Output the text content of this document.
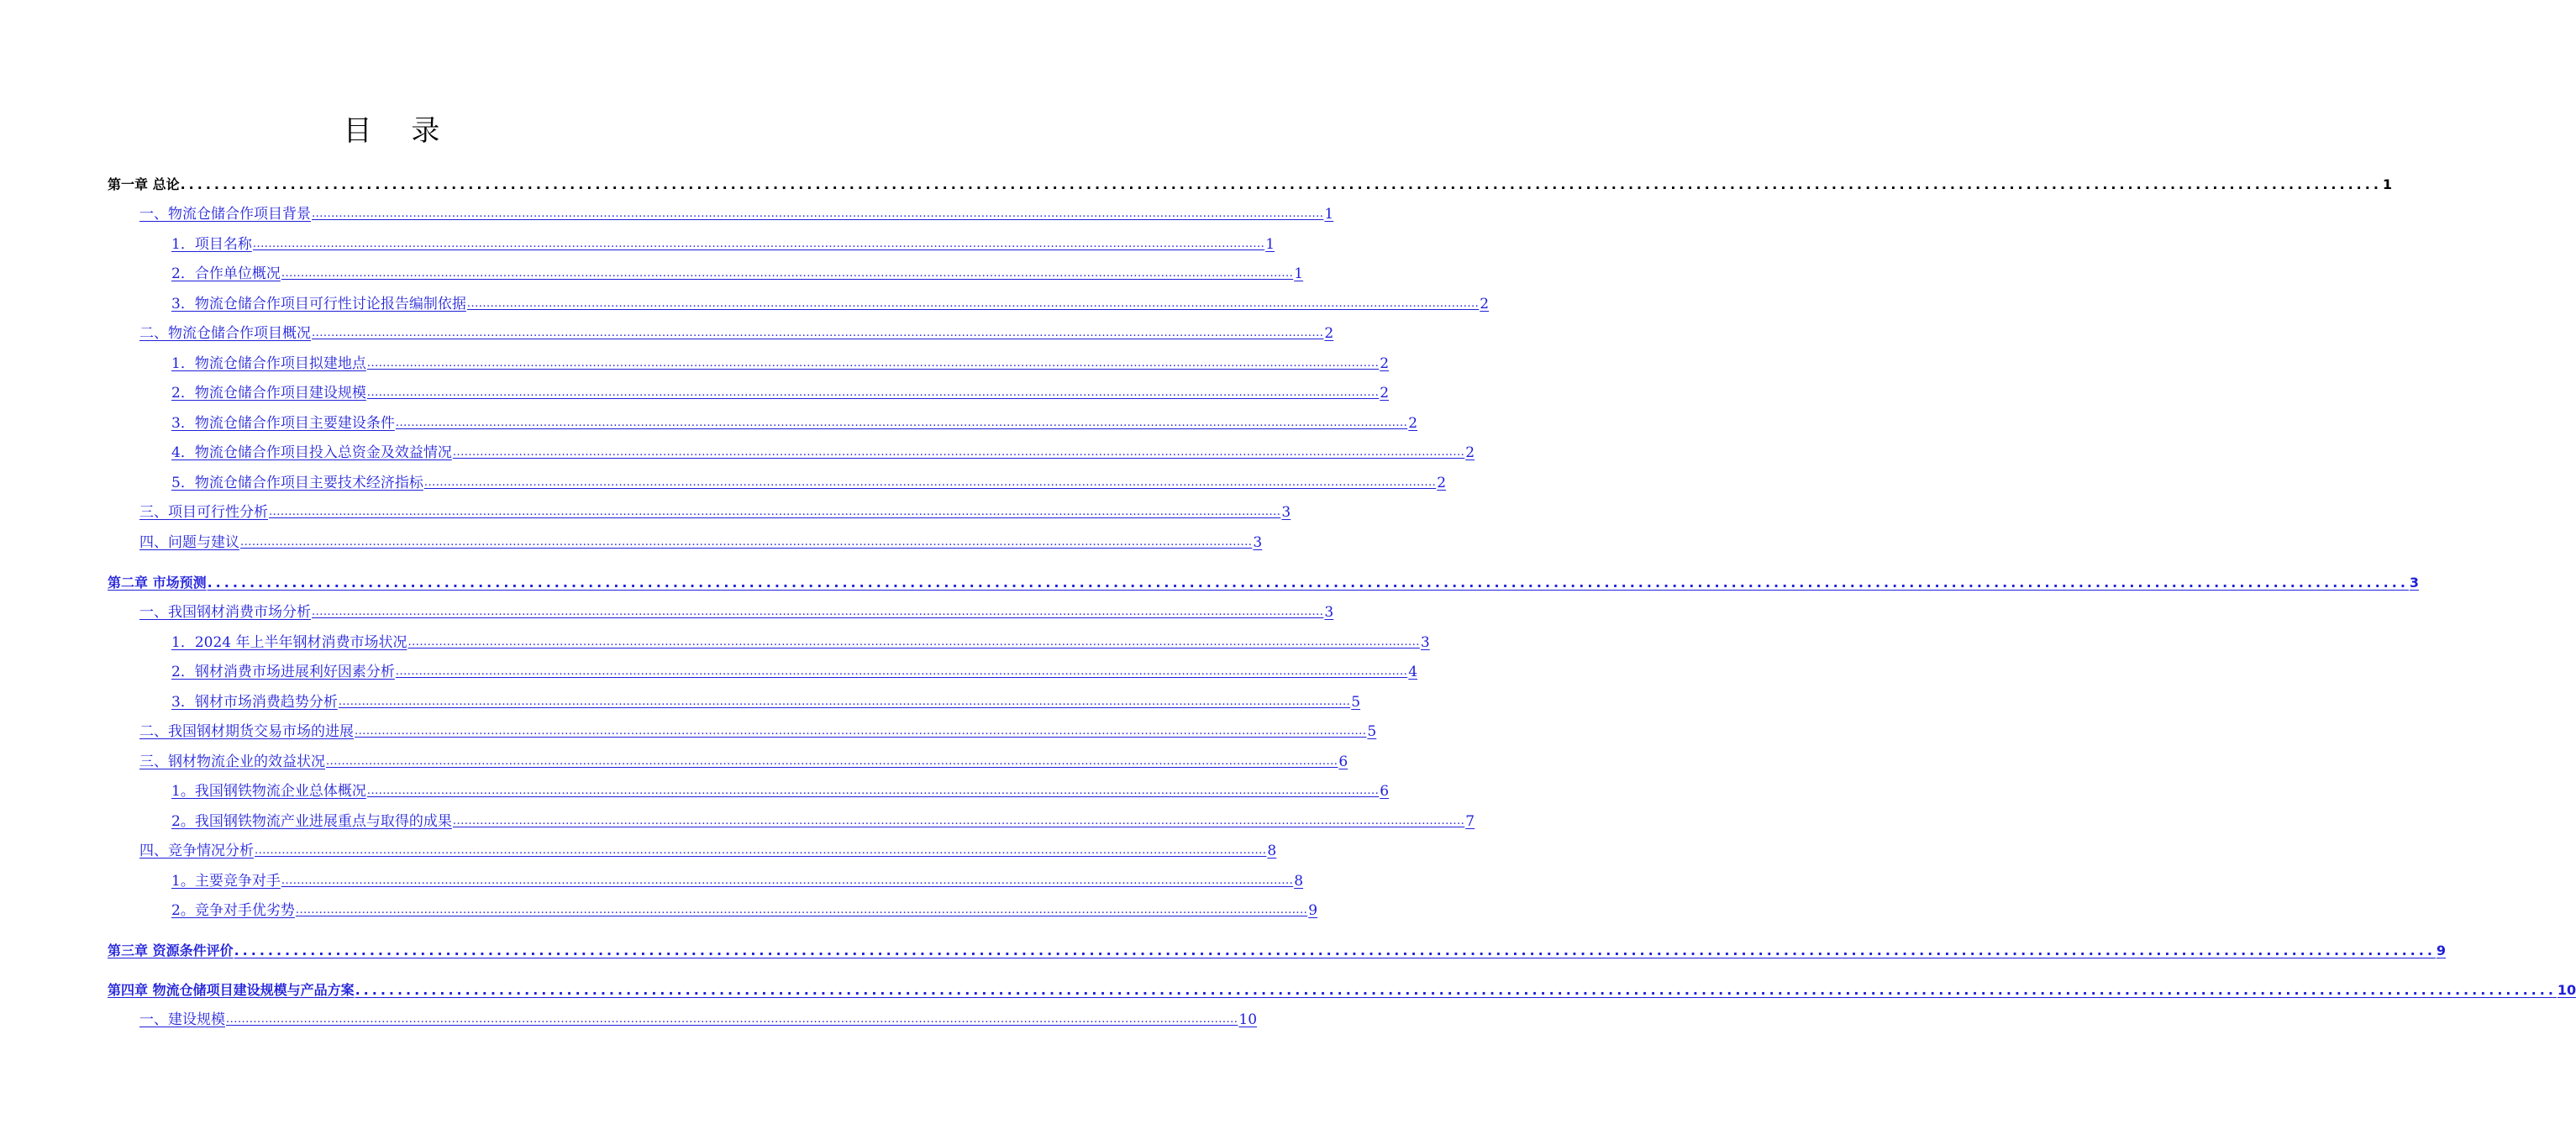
目 录
第一章 总论 .................................................................................................................................................................................................................................................................... 1
一、物流仓储合作项目背景 .................................................................................................................................................................................................................................................................... 1
1．项目名称 .................................................................................................................................................................................................................................................................... 1
2．合作单位概况 .................................................................................................................................................................................................................................................................... 1
3．物流仓储合作项目可行性讨论报告编制依据 .................................................................................................................................................................................................................................................................... 2
二、物流仓储合作项目概况 .................................................................................................................................................................................................................................................................... 2
1．物流仓储合作项目拟建地点 .................................................................................................................................................................................................................................................................... 2
2．物流仓储合作项目建设规模 .................................................................................................................................................................................................................................................................... 2
3．物流仓储合作项目主要建设条件 .................................................................................................................................................................................................................................................................... 2
4．物流仓储合作项目投入总资金及效益情况 .................................................................................................................................................................................................................................................................... 2
5．物流仓储合作项目主要技术经济指标 .................................................................................................................................................................................................................................................................... 2
三、项目可行性分析 .................................................................................................................................................................................................................................................................... 3
四、问题与建议 .................................................................................................................................................................................................................................................................... 3
第二章 市场预测 .................................................................................................................................................................................................................................................................... 3
一、我国钢材消费市场分析 .................................................................................................................................................................................................................................................................... 3
1．2024 年上半年钢材消费市场状况 .................................................................................................................................................................................................................................................................... 3
2．钢材消费市场进展利好因素分析 .................................................................................................................................................................................................................................................................... 4
3．钢材市场消费趋势分析 .................................................................................................................................................................................................................................................................... 5
二、我国钢材期货交易市场的进展 .................................................................................................................................................................................................................................................................... 5
三、钢材物流企业的效益状况 .................................................................................................................................................................................................................................................................... 6
1。我国钢铁物流企业总体概况 .................................................................................................................................................................................................................................................................... 6
2。我国钢铁物流产业进展重点与取得的成果 .................................................................................................................................................................................................................................................................... 7
四、竞争情况分析 .................................................................................................................................................................................................................................................................... 8
1。主要竞争对手 .................................................................................................................................................................................................................................................................... 8
2。竞争对手优劣势 .................................................................................................................................................................................................................................................................... 9
第三章 资源条件评价 .................................................................................................................................................................................................................................................................... 9
第四章 物流仓储项目建设规模与产品方案 .................................................................................................................................................................................................................................................................... 10
一、建设规模 .................................................................................................................................................................................................................................................................... 10
